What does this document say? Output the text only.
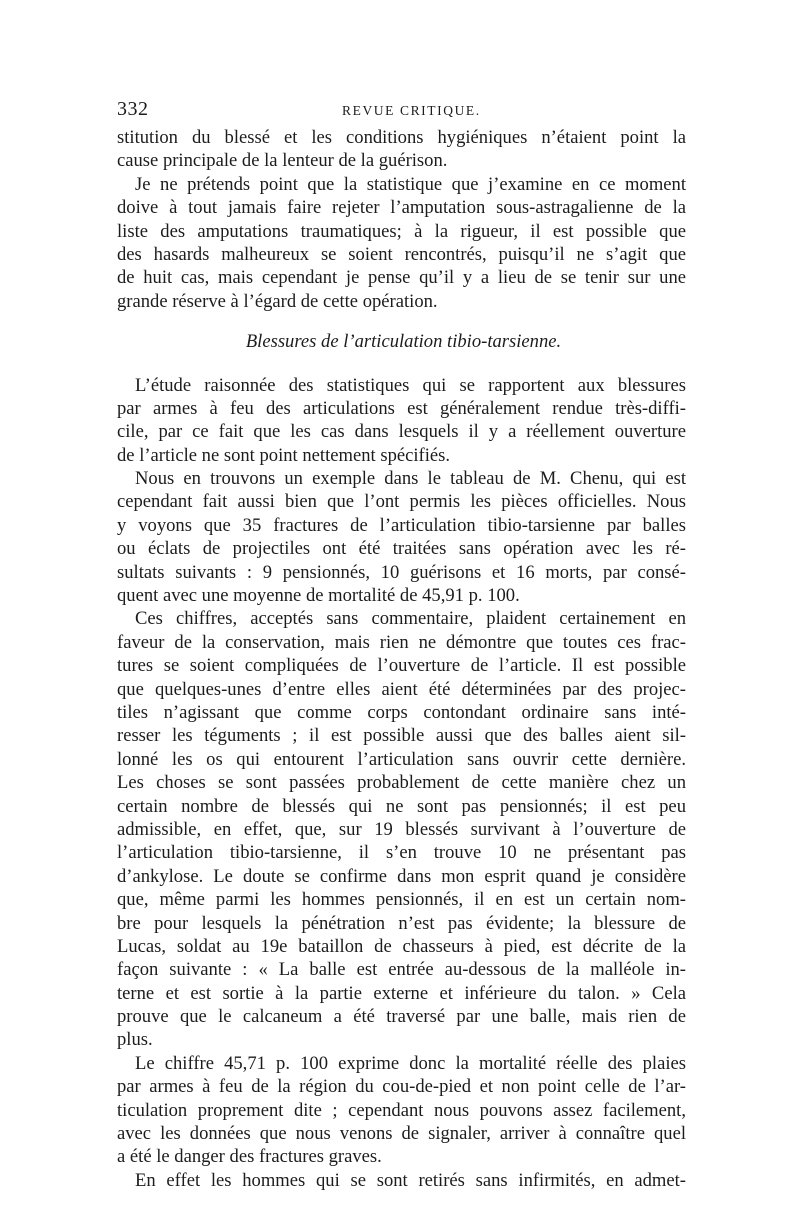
332	REVUE CRITIQUE.
stitution du blessé et les conditions hygiéniques n’étaient point la
cause principale de la lenteur de la guérison.
Je ne prétends point que la statistique que j’examine en ce moment
doive à tout jamais faire rejeter l’amputation sous-astragalienne de la
liste des amputations traumatiques; à la rigueur, il est possible que
des hasards malheureux se soient rencontrés, puisqu’il ne s’agit que
de huit cas, mais cependant je pense qu’il y a lieu de se tenir sur une
grande réserve à l’égard de cette opération.
Blessures de l’articulation tibio-tarsienne.
L’étude raisonnée des statistiques qui se rapportent aux blessures
par armes à feu des articulations est généralement rendue très-diffi-
cile, par ce fait que les cas dans lesquels il y a réellement ouverture
de l’article ne sont point nettement spécifiés.
Nous en trouvons un exemple dans le tableau de M. Chenu, qui est
cependant fait aussi bien que l’ont permis les pièces officielles. Nous
y voyons que 35 fractures de l’articulation tibio-tarsienne par balles
ou éclats de projectiles ont été traitées sans opération avec les ré-
sultats suivants : 9 pensionnés, 10 guérisons et 16 morts, par consé-
quent avec une moyenne de mortalité de 45,91 p. 100.
Ces chiffres, acceptés sans commentaire, plaident certainement en
faveur de la conservation, mais rien ne démontre que toutes ces frac-
tures se soient compliquées de l’ouverture de l’article. Il est possible
que quelques-unes d’entre elles aient été déterminées par des projec-
tiles n’agissant que comme corps contondant ordinaire sans inté-
resser les téguments ; il est possible aussi que des balles aient sil-
lonné les os qui entourent l’articulation sans ouvrir cette dernière.
Les choses se sont passées probablement de cette manière chez un
certain nombre de blessés qui ne sont pas pensionnés; il est peu
admissible, en effet, que, sur 19 blessés survivant à l’ouverture de
l’articulation tibio-tarsienne, il s’en trouve 10 ne présentant pas
d’ankylose. Le doute se confirme dans mon esprit quand je considère
que, même parmi les hommes pensionnés, il en est un certain nom-
bre pour lesquels la pénétration n’est pas évidente; la blessure de
Lucas, soldat au 19e bataillon de chasseurs à pied, est décrite de la
façon suivante : « La balle est entrée au-dessous de la malléole in-
terne et est sortie à la partie externe et inférieure du talon. » Cela
prouve que le calcaneum a été traversé par une balle, mais rien de
plus.
Le chiffre 45,71 p. 100 exprime donc la mortalité réelle des plaies
par armes à feu de la région du cou-de-pied et non point celle de l’ar-
ticulation proprement dite ; cependant nous pouvons assez facilement,
avec les données que nous venons de signaler, arriver à connaître quel
a été le danger des fractures graves.
En effet les hommes qui se sont retirés sans infirmités, en admet-
